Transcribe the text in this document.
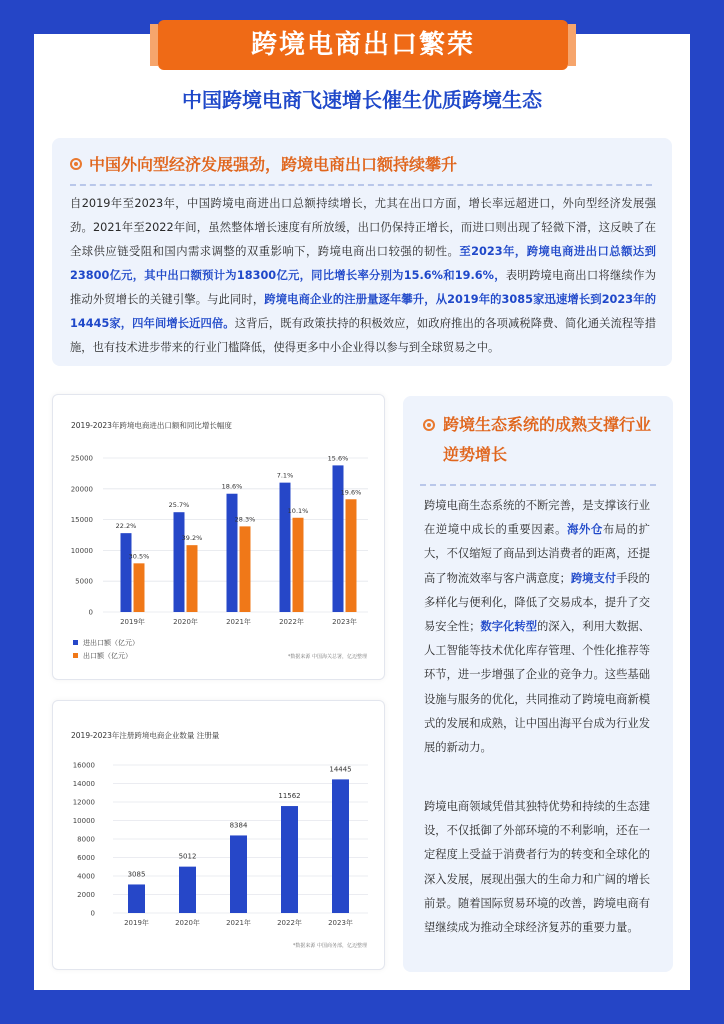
跨境电商出口繁荣
中国跨境电商飞速增长催生优质跨境生态
中国外向型经济发展强劲，跨境电商出口额持续攀升
自2019年至2023年，中国跨境电商进出口总额持续增长，尤其在出口方面，增长率远超进口，外向型经济发展强劲。2021年至2022年间，虽然整体增长速度有所放缓，出口仍保持正增长，而进口则出现了轻微下滑，这反映了在全球供应链受阻和国内需求调整的双重影响下，跨境电商出口较强的韧性。至2023年，跨境电商进出口总额达到23800亿元，其中出口额预计为18300亿元，同比增长率分别为15.6%和19.6%，表明跨境电商出口将继续作为推动外贸增长的关键引擎。与此同时，跨境电商企业的注册量逐年攀升，从2019年的3085家迅速增长到2023年的14445家，四年间增长近四倍。这背后，既有政策扶持的积极效应，如政府推出的各项减税降费、简化通关流程等措施，也有技术进步带来的行业门槛降低，使得更多中小企业得以参与到全球贸易之中。
2019-2023年跨境电商进出口额和同比增长幅度
25000
20000
15000
10000
5000
0
22.2%
30.5%
25.7%
39.2%
18.6%
28.3%
7.1%
10.1%
15.6%
19.6%
2019年	2020年	2021年	2022年	2023年
进出口额（亿元）
出口额（亿元）	*数据来源 中国海关总署，亿迈整理
2019-2023年注册跨境电商企业数量 注册量
16000
14000
12000
10000
8000
6000
4000
2000
0
3085
5012
8384
11562
14445
2019年	2020年	2021年	2022年	2023年
*数据来源 中国商务部，亿迈整理
跨境生态系统的成熟支撑行业逆势增长
跨境电商生态系统的不断完善，是支撑该行业在逆境中成长的重要因素。海外仓布局的扩大，不仅缩短了商品到达消费者的距离，还提高了物流效率与客户满意度；跨境支付手段的多样化与便利化，降低了交易成本，提升了交易安全性；数字化转型的深入，利用大数据、人工智能等技术优化库存管理、个性化推荐等环节，进一步增强了企业的竞争力。这些基础设施与服务的优化，共同推动了跨境电商新模式的发展和成熟，让中国出海平台成为行业发展的新动力。
跨境电商领域凭借其独特优势和持续的生态建设，不仅抵御了外部环境的不利影响，还在一定程度上受益于消费者行为的转变和全球化的深入发展，展现出强大的生命力和广阔的增长前景。随着国际贸易环境的改善，跨境电商有望继续成为推动全球经济复苏的重要力量。
